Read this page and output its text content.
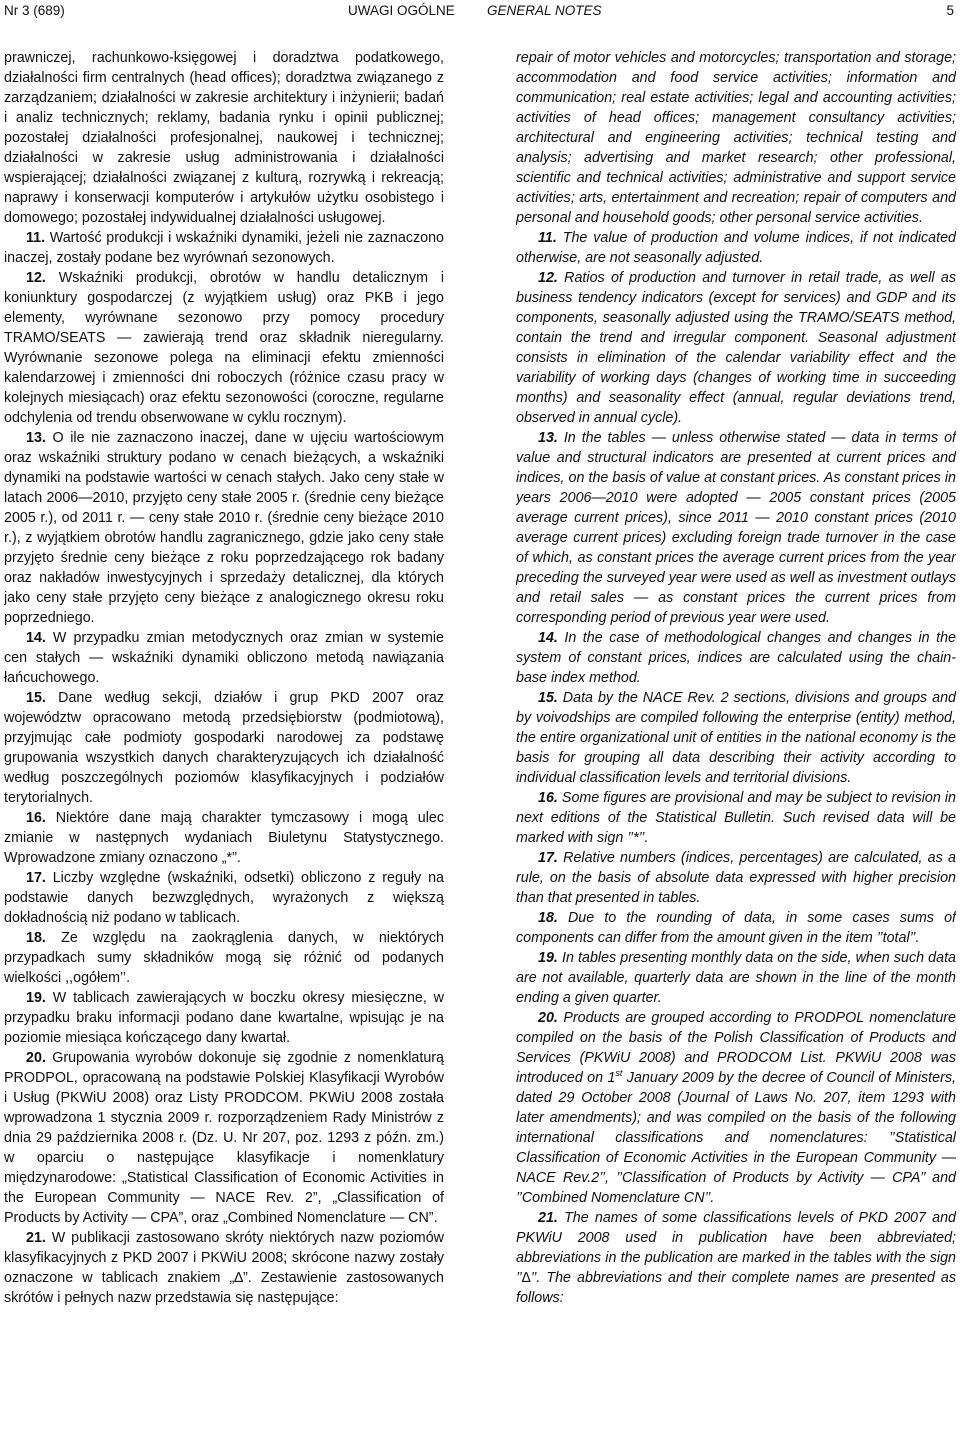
Nr 3 (689)	UWAGI OGÓLNE GENERAL NOTES	5

prawniczej, rachunkowo-księgowej i doradztwa podatkowego, działalności firm centralnych (head offices); doradztwa związanego z zarządzaniem; działalności w zakresie architektury i inżynierii; badań i analiz technicznych; reklamy, badania rynku i opinii publicznej; pozostałej działalności profesjonalnej, naukowej i technicznej; działalności w zakresie usług administrowania i działalności wspierającej; działalności związanej z kulturą, rozrywką i rekreacją; naprawy i konserwacji komputerów i artykułów użytku osobistego i domowego; pozostałej indywidualnej działalności usługowej.

11. Wartość produkcji i wskaźniki dynamiki, jeżeli nie zaznaczono inaczej, zostały podane bez wyrównań sezonowych.

12. Wskaźniki produkcji, obrotów w handlu detalicznym i koniunktury gospodarczej (z wyjątkiem usług) oraz PKB i jego elementy, wyrównane sezonowo przy pomocy procedury TRAMO/SEATS — zawierają trend oraz składnik nieregularny. Wyrównanie sezonowe polega na eliminacji efektu zmienności kalendarzowej i zmienności dni roboczych (różnice czasu pracy w kolejnych miesiącach) oraz efektu sezonowości (coroczne, regularne odchylenia od trendu obserwowane w cyklu rocznym).

13. O ile nie zaznaczono inaczej, dane w ujęciu wartościowym oraz wskaźniki struktury podano w cenach bieżących, a wskaźniki dynamiki na podstawie wartości w cenach stałych. Jako ceny stałe w latach 2006—2010, przyjęto ceny stałe 2005 r. (średnie ceny bieżące 2005 r.), od 2011 r. — ceny stałe 2010 r. (średnie ceny bieżące 2010 r.), z wyjątkiem obrotów handlu zagranicznego, gdzie jako ceny stałe przyjęto średnie ceny bieżące z roku poprzedzającego rok badany oraz nakładów inwestycyjnych i sprzedaży detalicznej, dla których jako ceny stałe przyjęto ceny bieżące z analogicznego okresu roku poprzedniego.

14. W przypadku zmian metodycznych oraz zmian w systemie cen stałych — wskaźniki dynamiki obliczono metodą nawiązania łańcuchowego.

15. Dane według sekcji, działów i grup PKD 2007 oraz województw opracowano metodą przedsiębiorstw (podmiotową), przyjmując całe podmioty gospodarki narodowej za podstawę grupowania wszystkich danych charakteryzujących ich działalność według poszczególnych poziomów klasyfikacyjnych i podziałów terytorialnych.

16. Niektóre dane mają charakter tymczasowy i mogą ulec zmianie w następnych wydaniach Biuletynu Statystycznego. Wprowadzone zmiany oznaczono „*”.

17. Liczby względne (wskaźniki, odsetki) obliczono z reguły na podstawie danych bezwzględnych, wyrażonych z większą dokładnością niż podano w tablicach.

18. Ze względu na zaokrąglenia danych, w niektórych przypadkach sumy składników mogą się różnić od podanych wielkości ,,ogółem’’.

19. W tablicach zawierających w boczku okresy miesięczne, w przypadku braku informacji podano dane kwartalne, wpisując je na poziomie miesiąca kończącego dany kwartał.

20. Grupowania wyrobów dokonuje się zgodnie z nomenklaturą PRODPOL, opracowaną na podstawie Polskiej Klasyfikacji Wyrobów i Usług (PKWiU 2008) oraz Listy PRODCOM. PKWiU 2008 została wprowadzona 1 stycznia 2009 r. rozporządzeniem Rady Ministrów z dnia 29 października 2008 r. (Dz. U. Nr 207, poz. 1293 z późn. zm.) w oparciu o następujące klasyfikacje i nomenklatury międzynarodowe: „Statistical Classification of Economic Activities in the European Community — NACE Rev. 2”, „Classification of Products by Activity — CPA”, oraz „Combined Nomenclature — CN”.

21. W publikacji zastosowano skróty niektórych nazw poziomów klasyfikacyjnych z PKD 2007 i PKWiU 2008; skrócone nazwy zostały oznaczone w tablicach znakiem „∆”. Zestawienie zastosowanych skrótów i pełnych nazw przedstawia się następujące:

repair of motor vehicles and motorcycles; transportation and storage; accommodation and food service activities; information and communication; real estate activities; legal and accounting activities; activities of head offices; management consultancy activities; architectural and engineering activities; technical testing and analysis; advertising and market research; other professional, scientific and technical activities; administrative and support service activities; arts, entertainment and recreation; repair of computers and personal and household goods; other personal service activities.

11. The value of production and volume indices, if not indicated otherwise, are not seasonally adjusted.

12. Ratios of production and turnover in retail trade, as well as business tendency indicators (except for services) and GDP and its components, seasonally adjusted using the TRAMO/SEATS method, contain the trend and irregular component. Seasonal adjustment consists in elimination of the calendar variability effect and the variability of working days (changes of working time in succeeding months) and seasonality effect (annual, regular deviations trend, observed in annual cycle).

13. In the tables — unless otherwise stated — data in terms of value and structural indicators are presented at current prices and indices, on the basis of value at constant prices. As constant prices in years 2006—2010 were adopted — 2005 constant prices (2005 average current prices), since 2011 — 2010 constant prices (2010 average current prices) excluding foreign trade turnover in the case of which, as constant prices the average current prices from the year preceding the surveyed year were used as well as investment outlays and retail sales — as constant prices the current prices from corresponding period of previous year were used.

14. In the case of methodological changes and changes in the system of constant prices, indices are calculated using the chain-base index method.

15. Data by the NACE Rev. 2 sections, divisions and groups and by voivodships are compiled following the enterprise (entity) method, the entire organizational unit of entities in the national economy is the basis for grouping all data describing their activity according to individual classification levels and territorial divisions.

16. Some figures are provisional and may be subject to revision in next editions of the Statistical Bulletin. Such revised data will be marked with sign ’’*’’.

17. Relative numbers (indices, percentages) are calculated, as a rule, on the basis of absolute data expressed with higher precision than that presented in tables.

18. Due to the rounding of data, in some cases sums of components can differ from the amount given in the item ’’total’’.

19. In tables presenting monthly data on the side, when such data are not available, quarterly data are shown in the line of the month ending a given quarter.

20. Products are grouped according to PRODPOL nomenclature compiled on the basis of the Polish Classification of Products and Services (PKWiU 2008) and PRODCOM List. PKWiU 2008 was introduced on 1st January 2009 by the decree of Council of Ministers, dated 29 October 2008 (Journal of Laws No. 207, item 1293 with later amendments); and was compiled on the basis of the following international classifications and nomenclatures: ’’Statistical Classification of Economic Activities in the European Community — NACE Rev.2’’, ’’Classification of Products by Activity — CPA’’ and ’’Combined Nomenclature CN’’.

21. The names of some classifications levels of PKD 2007 and PKWiU 2008 used in publication have been abbreviated; abbreviations in the publication are marked in the tables with the sign ’’∆’’. The abbreviations and their complete names are presented as follows:
